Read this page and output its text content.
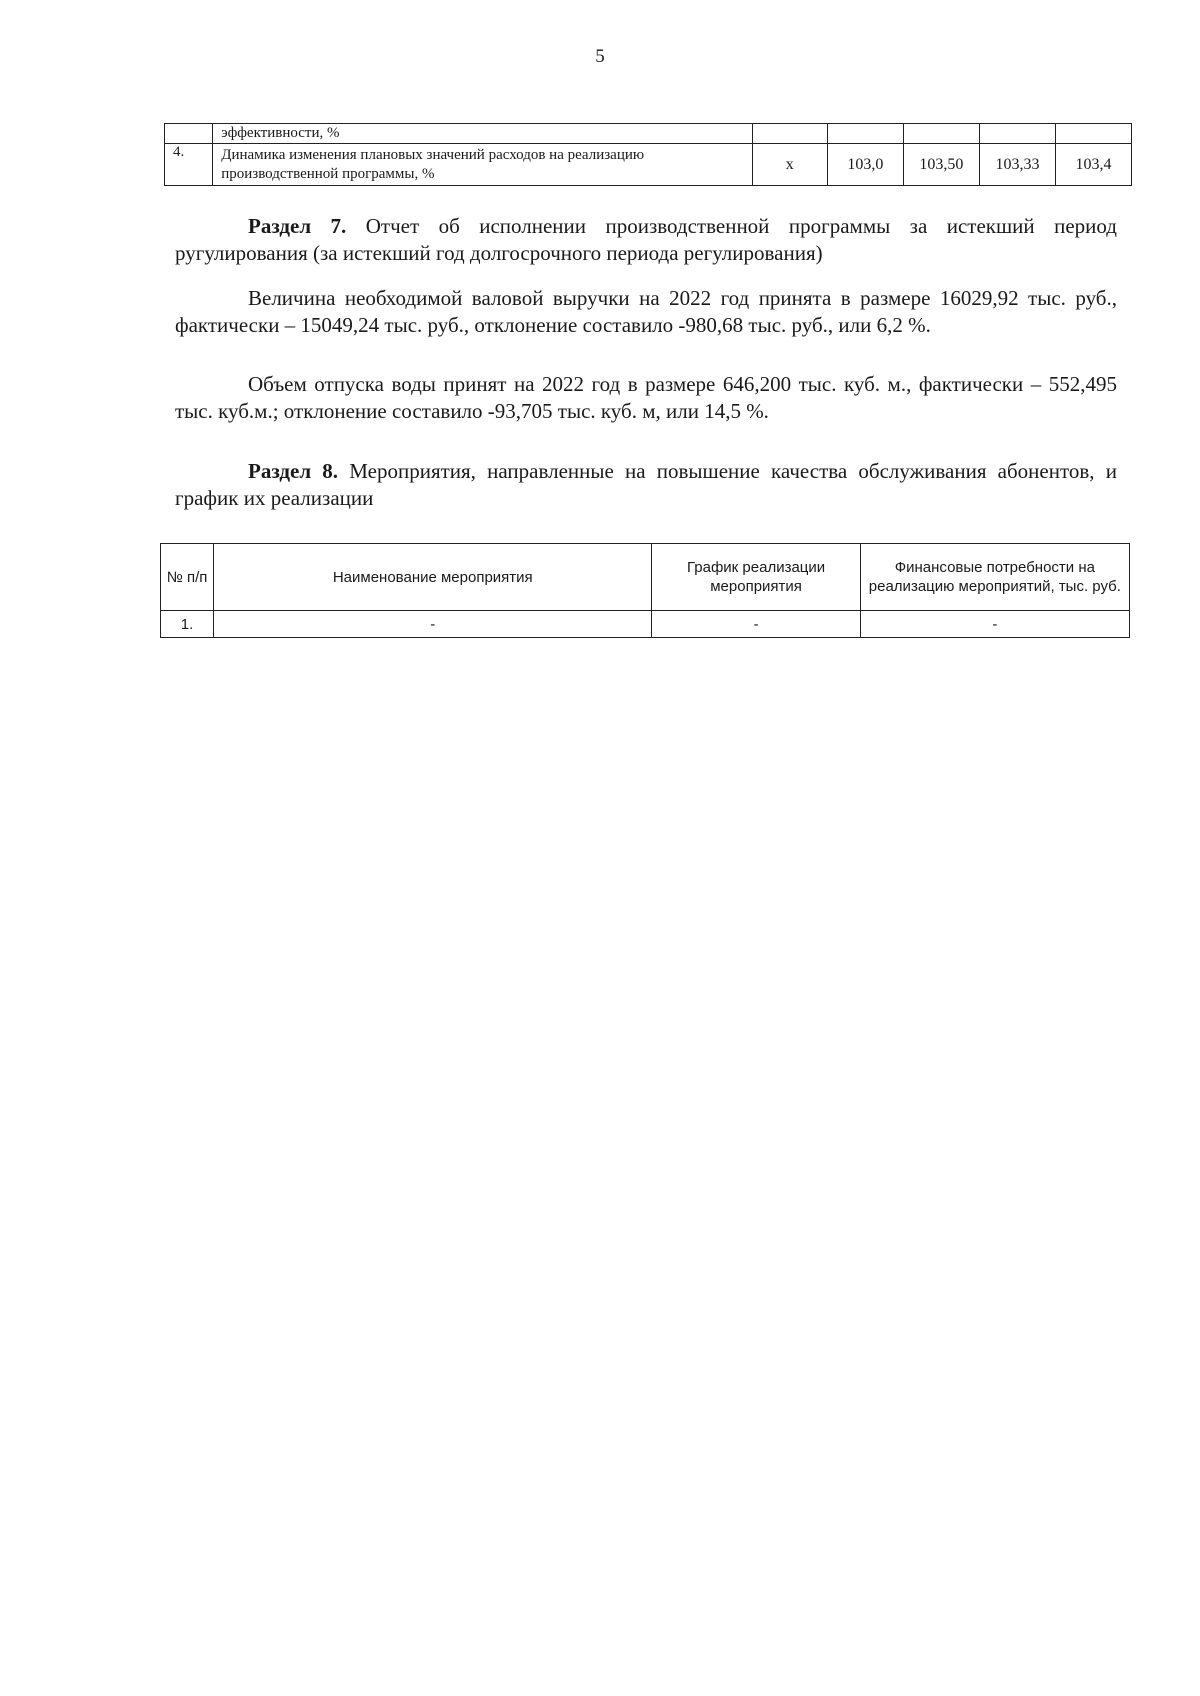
5
	эффективности, %					
4.	Динамика изменения плановых значений расходов на реализацию производственной программы, %	х	103,0	103,50	103,33	103,4
Раздел 7. Отчет об исполнении производственной программы за истекший период ругулирования (за истекший год долгосрочного периода регулирования)
Величина необходимой валовой выручки на 2022 год принята в размере 16029,92 тыс. руб., фактически – 15049,24 тыс. руб., отклонение составило -980,68 тыс. руб., или 6,2 %.
Объем отпуска воды принят на 2022 год в размере 646,200 тыс. куб. м., фактически – 552,495 тыс. куб.м.; отклонение составило -93,705 тыс. куб. м, или 14,5 %.
Раздел 8. Мероприятия, направленные на повышение качества обслуживания абонентов, и график их реализации
№ п/п	Наименование мероприятия	График реализации мероприятия	Финансовые потребности на реализацию мероприятий, тыс. руб.
1.	-	-	-
